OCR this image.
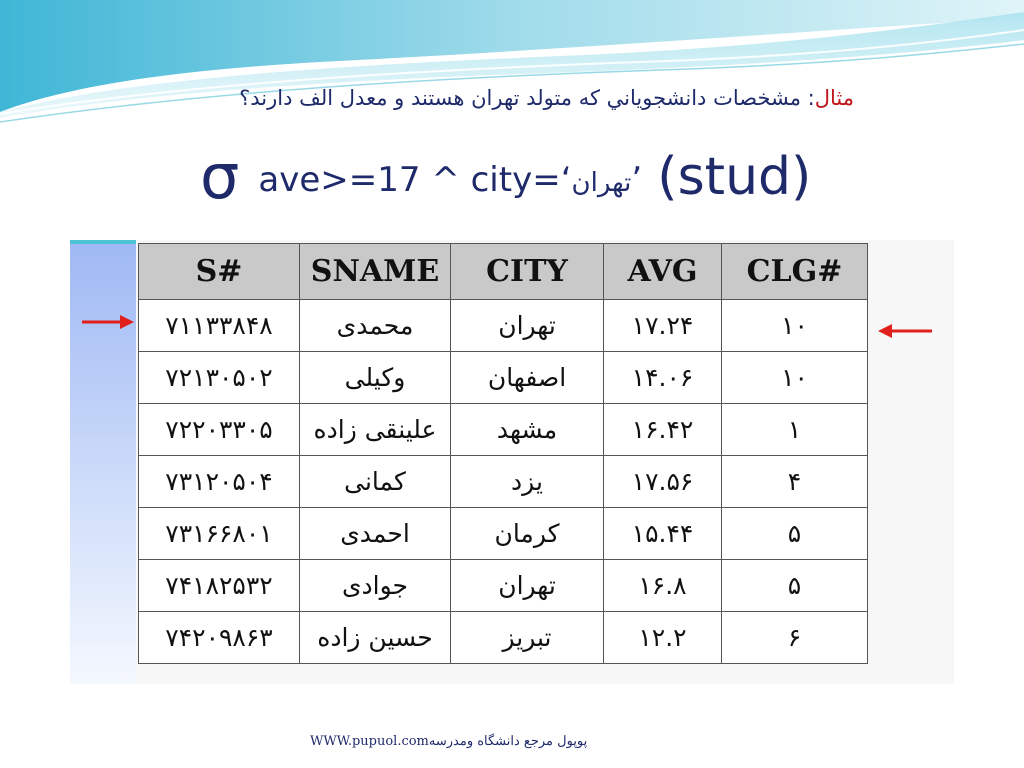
مثال: مشخصات دانشجوياني كه متولد تهران هستند و معدل الف دارند؟
σ ave>=17 ^ city=‘تهران’ (stud)
S#	SNAME	CITY	AVG	CLG#
۷۱۱۳۳۸۴۸	محمدی	تهران	۱۷.۲۴	۱۰
۷۲۱۳۰۵۰۲	وکیلی	اصفهان	۱۴.۰۶	۱۰
۷۲۲۰۳۳۰۵	علینقی زاده	مشهد	۱۶.۴۲	۱
۷۳۱۲۰۵۰۴	کمانی	یزد	۱۷.۵۶	۴
۷۳۱۶۶۸۰۱	احمدی	کرمان	۱۵.۴۴	۵
۷۴۱۸۲۵۳۲	جوادی	تهران	۱۶.۸	۵
۷۴۲۰۹۸۶۳	حسین زاده	تبریز	۱۲.۲	۶
WWW.pupuol.comپوپول مرجع دانشگاه ومدرسه
